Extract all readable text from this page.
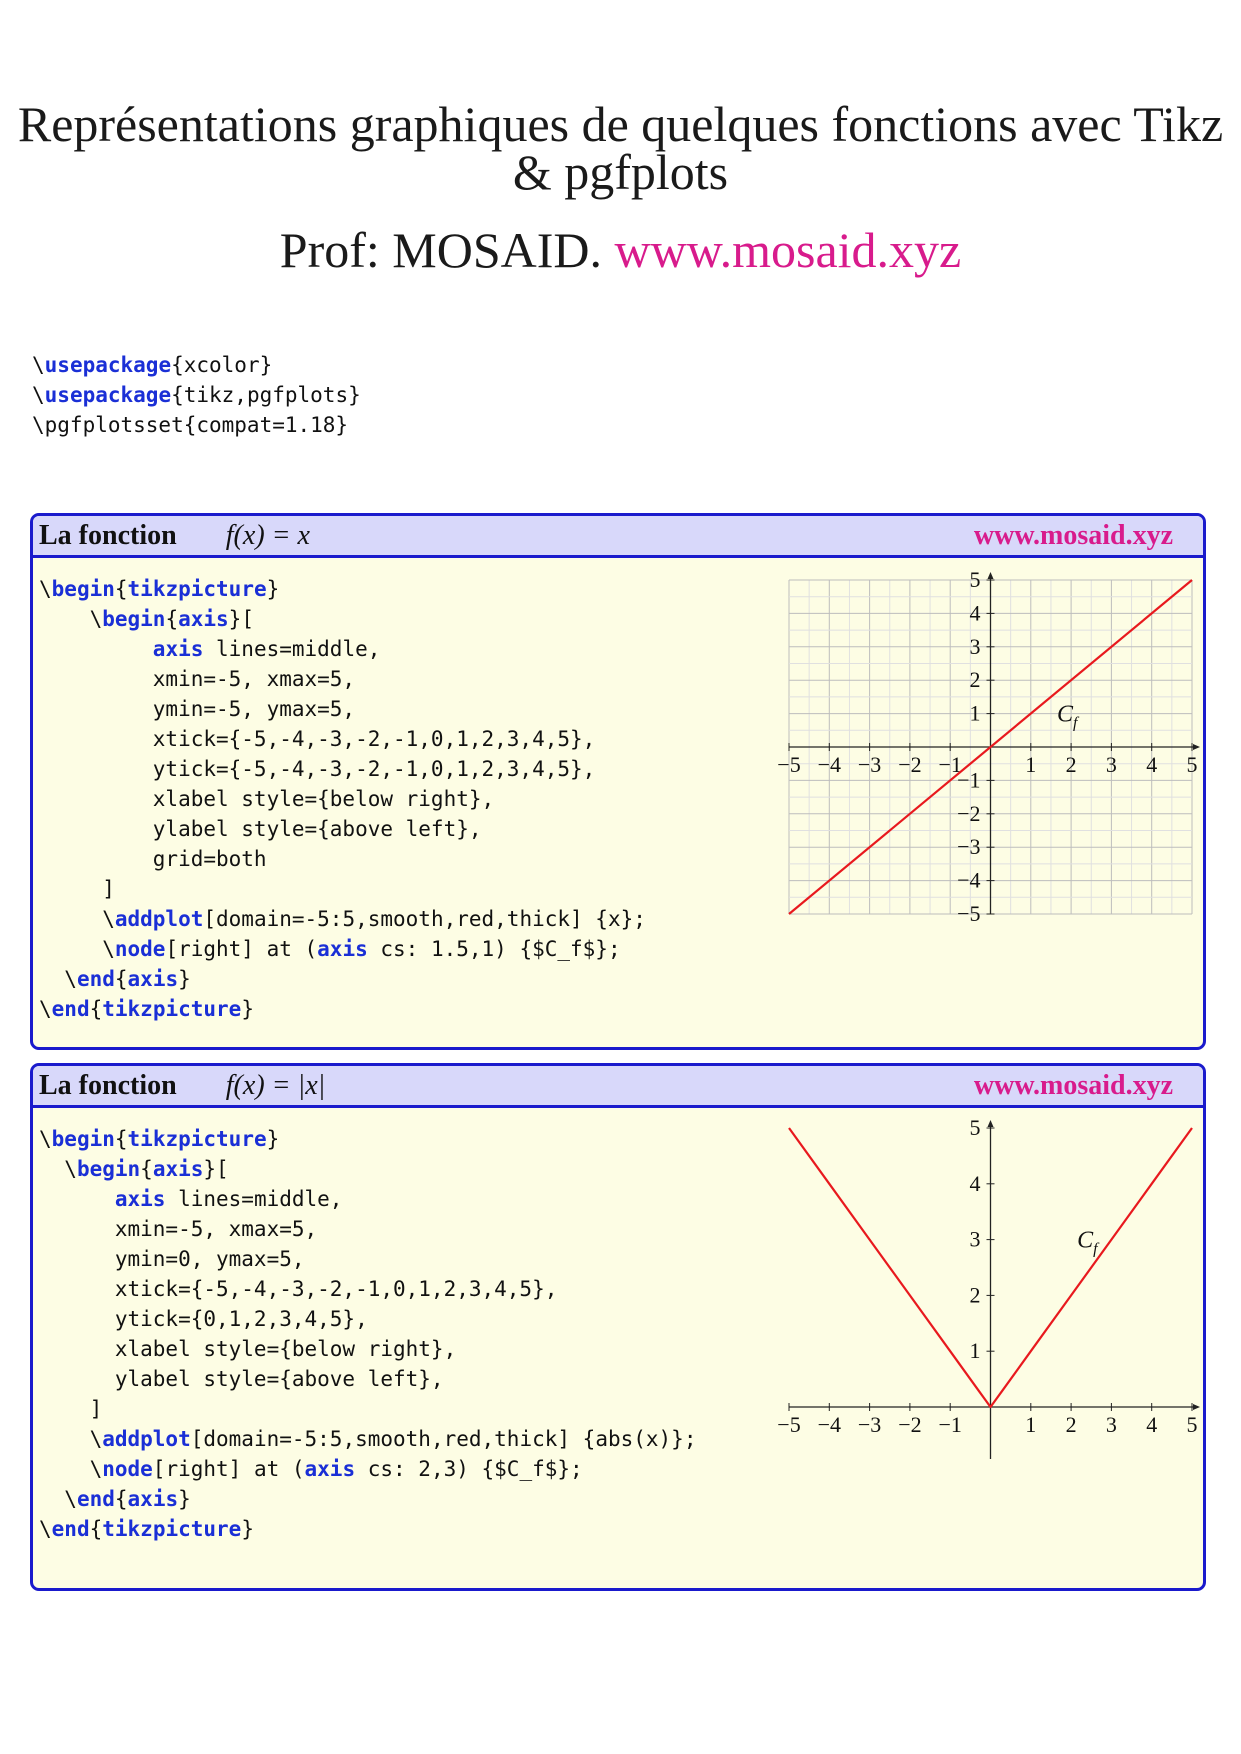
Représentations graphiques de quelques fonctions avec Tikz & pgfplots
Prof: MOSAID. www.mosaid.xyz
\usepackage{xcolor}
\usepackage{tikz,pgfplots}
\pgfplotsset{compat=1.18}
La fonction f(x) = x	www.mosaid.xyz
\begin{tikzpicture}
\begin{axis}[
axis lines=middle,
xmin=-5, xmax=5,
ymin=-5, ymax=5,
xtick={-5,-4,-3,-2,-1,0,1,2,3,4,5},
ytick={-5,-4,-3,-2,-1,0,1,2,3,4,5},
xlabel style={below right},
ylabel style={above left},
grid=both
]
\addplot[domain=-5:5,smooth,red,thick] {x};
\node[right] at (axis cs: 1.5,1) {$C_f$};
\end{axis}
\end{tikzpicture}
La fonction f(x) = |x|	www.mosaid.xyz
\begin{tikzpicture}
\begin{axis}[
axis lines=middle,
xmin=-5, xmax=5,
ymin=0, ymax=5,
xtick={-5,-4,-3,-2,-1,0,1,2,3,4,5},
ytick={0,1,2,3,4,5},
xlabel style={below right},
ylabel style={above left},
]
\addplot[domain=-5:5,smooth,red,thick] {abs(x)};
\node[right] at (axis cs: 2,3) {$C_f$};
\end{axis}
\end{tikzpicture}
−5 −4 −3 −2 −1	1 2 3 4 5
−5
−4
−3
−2
−1
1
2
3
4
5
$C_f$
−5 −4 −3 −2 −1	1 2 3 4 5
1
2
3
4
5
$C_f$
